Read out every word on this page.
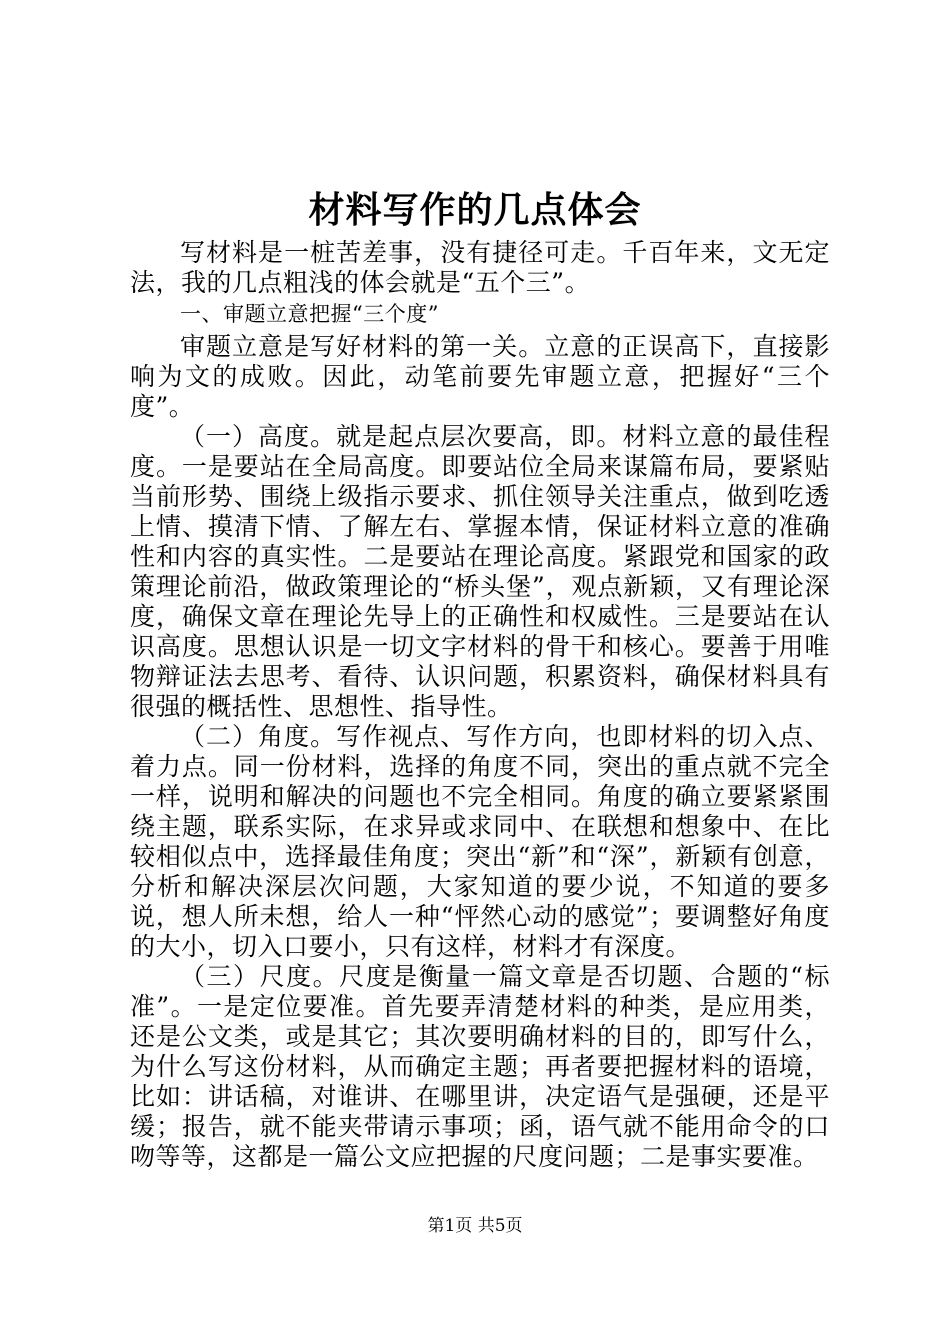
材料写作的几点体会

写材料是一桩苦差事，没有捷径可走。千百年来，文无定法，我的几点粗浅的体会就是“五个三”。

一、审题立意把握“三个度”

审题立意是写好材料的第一关。立意的正误高下，直接影响为文的成败。因此，动笔前要先审题立意，把握好“三个度”。

（一）高度。就是起点层次要高，即。材料立意的最佳程度。一是要站在全局高度。即要站位全局来谋篇布局，要紧贴当前形势、围绕上级指示要求、抓住领导关注重点，做到吃透上情、摸清下情、了解左右、掌握本情，保证材料立意的准确性和内容的真实性。二是要站在理论高度。紧跟党和国家的政策理论前沿，做政策理论的“桥头堡”，观点新颖，又有理论深度，确保文章在理论先导上的正确性和权威性。三是要站在认识高度。思想认识是一切文字材料的骨干和核心。要善于用唯物辩证法去思考、看待、认识问题，积累资料，确保材料具有很强的概括性、思想性、指导性。

（二）角度。写作视点、写作方向，也即材料的切入点、着力点。同一份材料，选择的角度不同，突出的重点就不完全一样，说明和解决的问题也不完全相同。角度的确立要紧紧围绕主题，联系实际，在求异或求同中、在联想和想象中、在比较相似点中，选择最佳角度；突出“新”和“深”，新颖有创意，分析和解决深层次问题，大家知道的要少说，不知道的要多说，想人所未想，给人一种“怦然心动的感觉”；要调整好角度的大小，切入口要小，只有这样，材料才有深度。

（三）尺度。尺度是衡量一篇文章是否切题、合题的“标准”。一是定位要准。首先要弄清楚材料的种类，是应用类，还是公文类，或是其它；其次要明确材料的目的，即写什么，为什么写这份材料，从而确定主题；再者要把握材料的语境，比如：讲话稿，对谁讲、在哪里讲，决定语气是强硬，还是平缓；报告，就不能夹带请示事项；函，语气就不能用命令的口吻等等，这都是一篇公文应把握的尺度问题；二是事实要准。

第1页 共5页
